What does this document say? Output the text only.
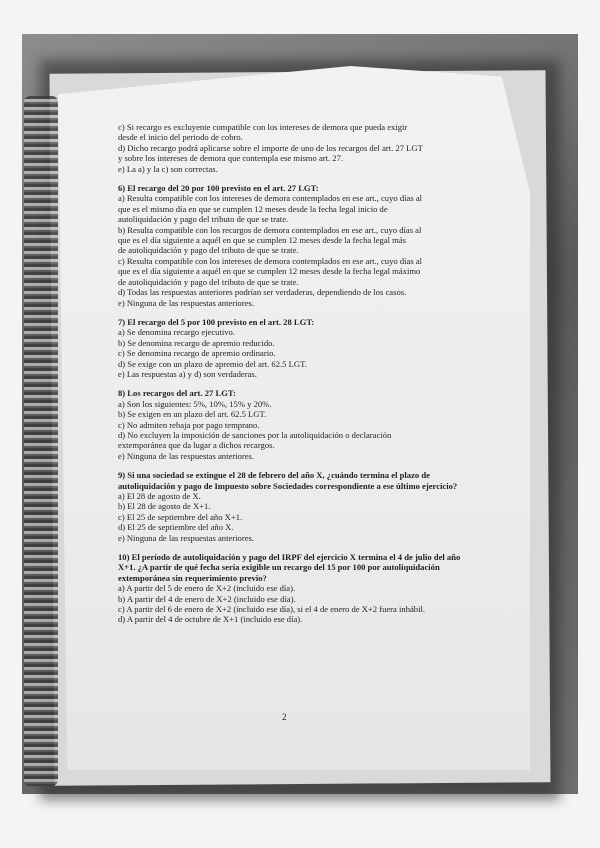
c) Si recargo es excluyente compatible con los intereses de demora que pueda exigir

desde el inicio del periodo de cobro.

d) Dicho recargo podrá aplicarse sobre el importe de uno de los recargos del art. 27 LGT

y sobre los intereses de demora que contempla ese mismo art. 27.

e) La a) y la c) son correctas.

6) El recargo del 20 por 100 previsto en el art. 27 LGT:

a) Resulta compatible con los intereses de demora contemplados en ese art., cuyo días al

que es el mismo día en que se cumplen 12 meses desde la fecha legal inicio de

autoliquidación y pago del tributo de que se trate.

b) Resulta compatible con los recargos de demora contemplados en ese art., cuyo días al

que es el día siguiente a aquél en que se cumplen 12 meses desde la fecha legal más

de autoliquidación y pago del tributo de que se trate.

c) Resulta compatible con los intereses de demora contemplados en ese art., cuyo días al

que es el día siguiente a aquél en que se cumplen 12 meses desde la fecha legal máximo

de autoliquidación y pago del tributo de que se trate.

d) Todas las respuestas anteriores podrían ser verdaderas, dependiendo de los casos.

e) Ninguna de las respuestas anteriores.

7) El recargo del 5 por 100 previsto en el art. 28 LGT:

a) Se denomina recargo ejecutivo.

b) Se denomina recargo de apremio reducido.

c) Se denomina recargo de apremio ordinario.

d) Se exige con un plazo de apremio del art. 62.5 LGT.

e) Las respuestas a) y d) son verdaderas.

8) Los recargos del art. 27 LGT:

a) Son los siguientes: 5%, 10%, 15% y 20%.

b) Se exigen en un plazo del art. 62.5 LGT.

c) No admiten rebaja por pago temprano.

d) No excluyen la imposición de sanciones por la autoliquidación o declaración

extemporánea que da lugar a dichos recargos.

e) Ninguna de las respuestas anteriores.

9) Si una sociedad se extingue el 28 de febrero del año X, ¿cuándo termina el plazo de autoliquidación y pago de Impuesto sobre Sociedades correspondiente a ese último ejercicio?

a) El 28 de agosto de X.

b) El 28 de agosto de X+1.

c) El 25 de septiembre del año X+1.

d) El 25 de septiembre del año X.

e) Ninguna de las respuestas anteriores.

10) El período de autoliquidación y pago del IRPF del ejercicio X termina el 4 de julio del año X+1. ¿A partir de qué fecha sería exigible un recargo del 15 por 100 por autoliquidación extemporánea sin requerimiento previo?

a) A partir del 5 de enero de X+2 (incluido ese día).

b) A partir del 4 de enero de X+2 (incluido ese día).

c) A partir del 6 de enero de X+2 (incluido ese día), si el 4 de enero de X+2 fuera inhábil.

d) A partir del 4 de octubre de X+1 (incluido ese día).

2
